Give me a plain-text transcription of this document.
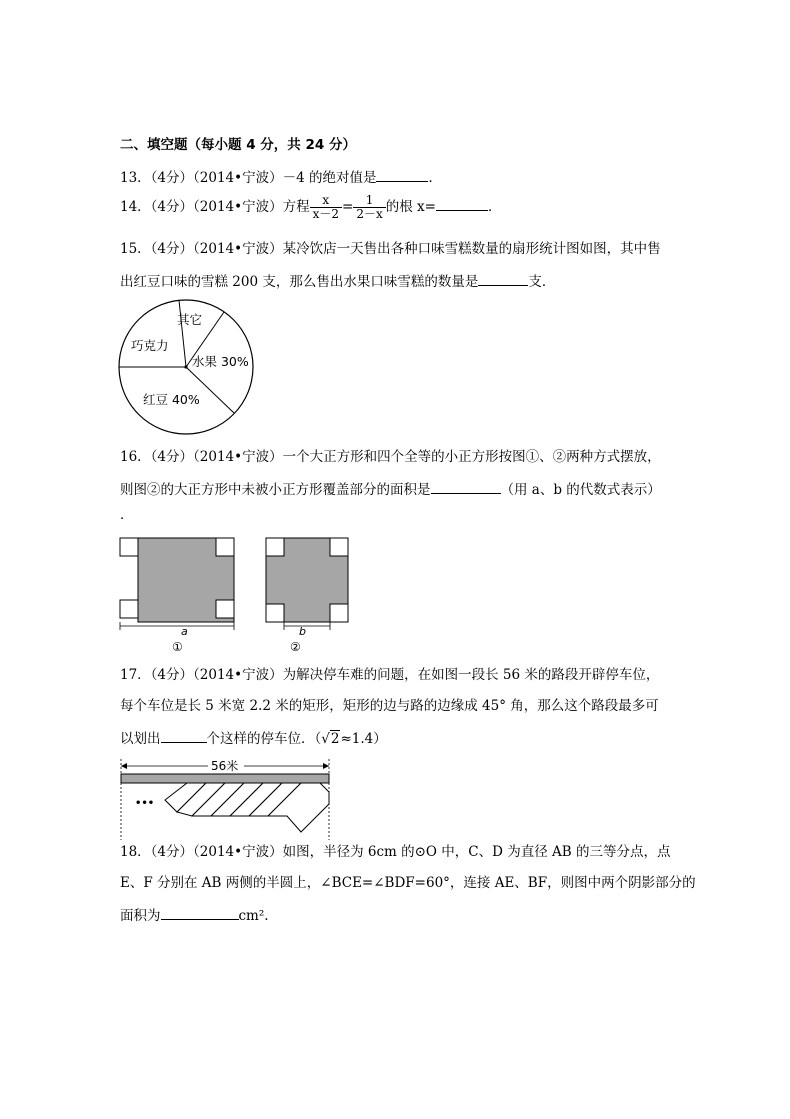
二、填空题（每小题 4 分，共 24 分）
13．（4分）（2014•宁波）－4 的绝对值是	．
14．（4分）（2014•宁波）方程 $\frac{x}{x-2} = \frac{1}{2-x}$ 的根 x=	．
15．（4分）（2014•宁波）某冷饮店一天售出各种口味雪糕数量的扇形统计图如图，其中售
出红豆口味的雪糕 200 支，那么售出水果口味雪糕的数量是	支．
其它
巧克力
水果 30%
红豆 40%
16．（4分）（2014•宁波）一个大正方形和四个全等的小正方形按图①、②两种方式摆放，
则图②的大正方形中未被小正方形覆盖部分的面积是	（用 a、b 的代数式表示）
．
a
①
b
②
17．（4分）（2014•宁波）为解决停车难的问题，在如图一段长 56 米的路段开辟停车位，
每个车位是长 5 米宽 2.2 米的矩形，矩形的边与路的边缘成 45° 角，那么这个路段最多可
以划出	个这样的停车位．（√2≈1.4）
56米
•••
18．（4分）（2014•宁波）如图，半径为 6cm 的⊙O 中，C、D 为直径 AB 的三等分点，点
E、F 分别在 AB 两侧的半圆上，∠BCE=∠BDF=60°，连接 AE、BF，则图中两个阴影部分的
面积为	cm².
